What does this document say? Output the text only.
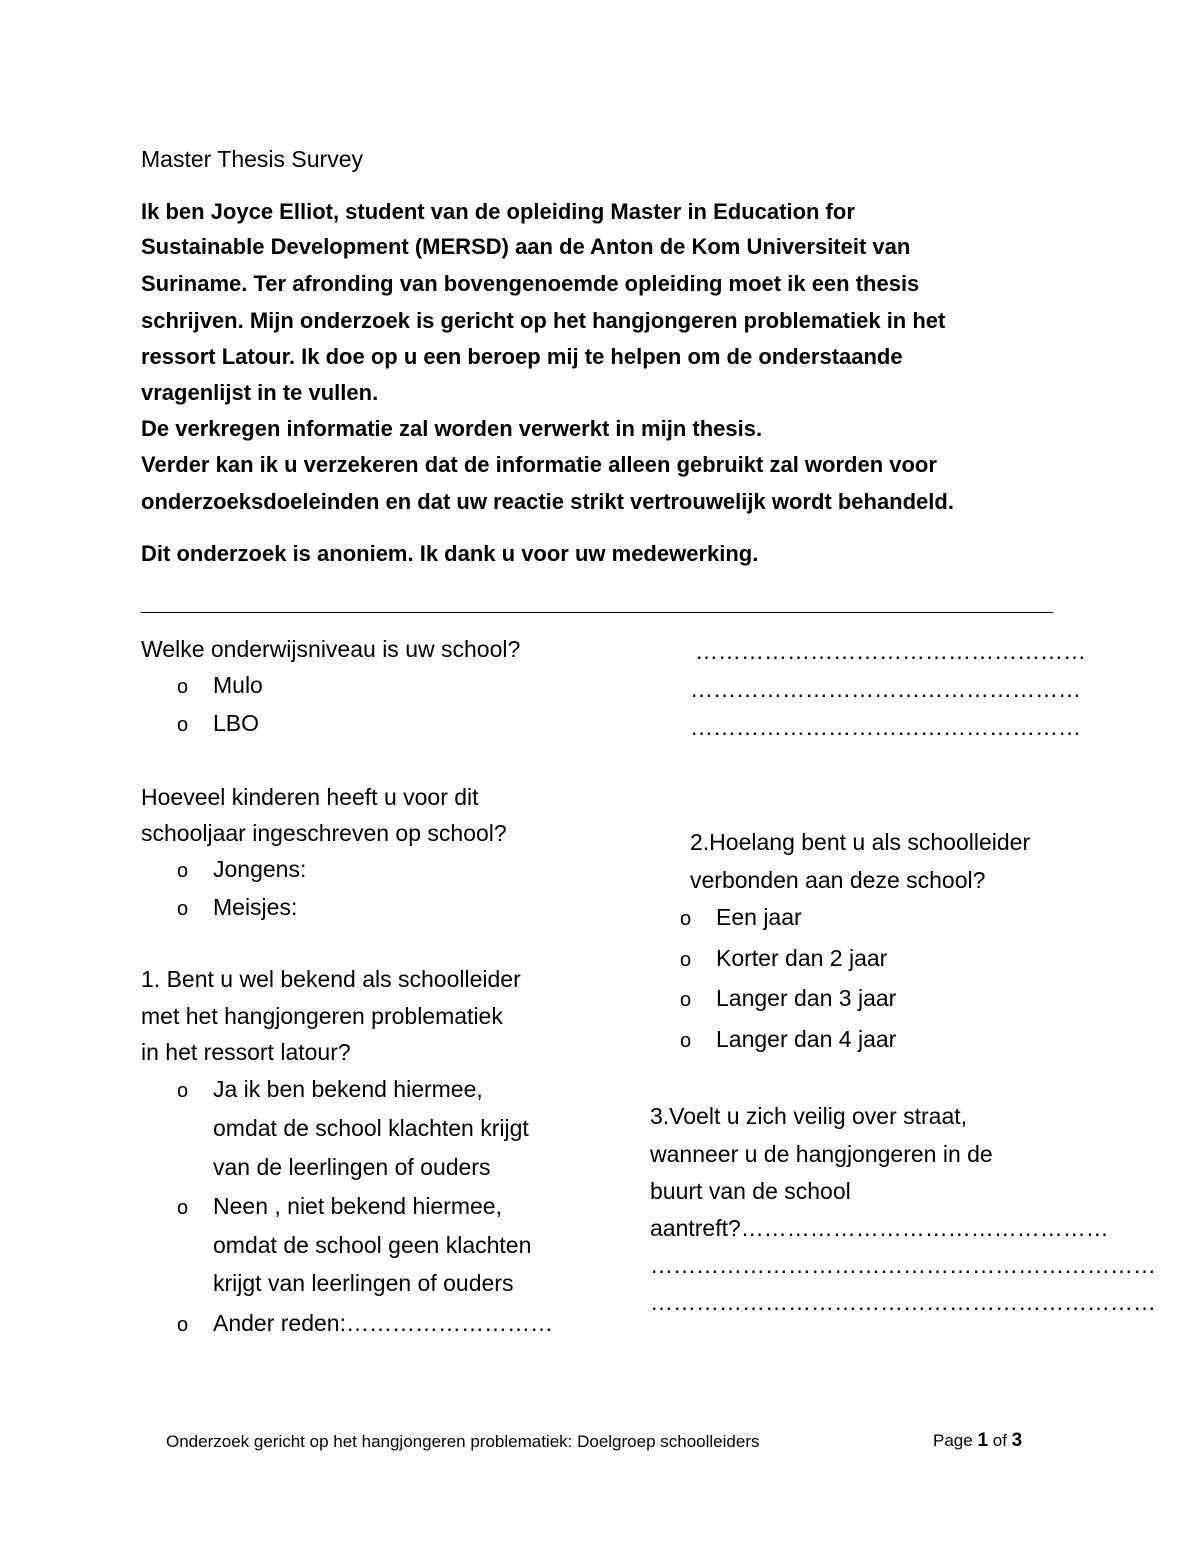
Master Thesis Survey
Ik ben Joyce Elliot, student van de opleiding Master in Education for
Sustainable Development (MERSD) aan de Anton de Kom Universiteit van
Suriname. Ter afronding van bovengenoemde opleiding moet ik een thesis
schrijven. Mijn onderzoek is gericht op het hangjongeren problematiek in het
ressort Latour. Ik doe op u een beroep mij te helpen om de onderstaande
vragenlijst in te vullen.
De verkregen informatie zal worden verwerkt in mijn thesis.
Verder kan ik u verzekeren dat de informatie alleen gebruikt zal worden voor
onderzoeksdoeleinden en dat uw reactie strikt vertrouwelijk wordt behandeld.
Dit onderzoek is anoniem. Ik dank u voor uw medewerking.
Welke onderwijsniveau is uw school?
o Mulo
o LBO
Hoeveel kinderen heeft u voor dit
schooljaar ingeschreven op school?
o Jongens:
o Meisjes:
1. Bent u wel bekend als schoolleider
met het hangjongeren problematiek
in het ressort latour?
o Ja ik ben bekend hiermee,
omdat de school klachten krijgt
van de leerlingen of ouders
o Neen , niet bekend hiermee,
omdat de school geen klachten
krijgt van leerlingen of ouders
o Ander reden:………………………
……………………………………………
……………………………………………
……………………………………………
2.Hoelang bent u als schoolleider
verbonden aan deze school?
o Een jaar
o Korter dan 2 jaar
o Langer dan 3 jaar
o Langer dan 4 jaar
3.Voelt u zich veilig over straat,
wanneer u de hangjongeren in de
buurt van de school
aantreft?…………………………………………
…………………………………………………………
…………………………………………………………
Onderzoek gericht op het hangjongeren problematiek: Doelgroep schoolleiders	Page 1 of 3
